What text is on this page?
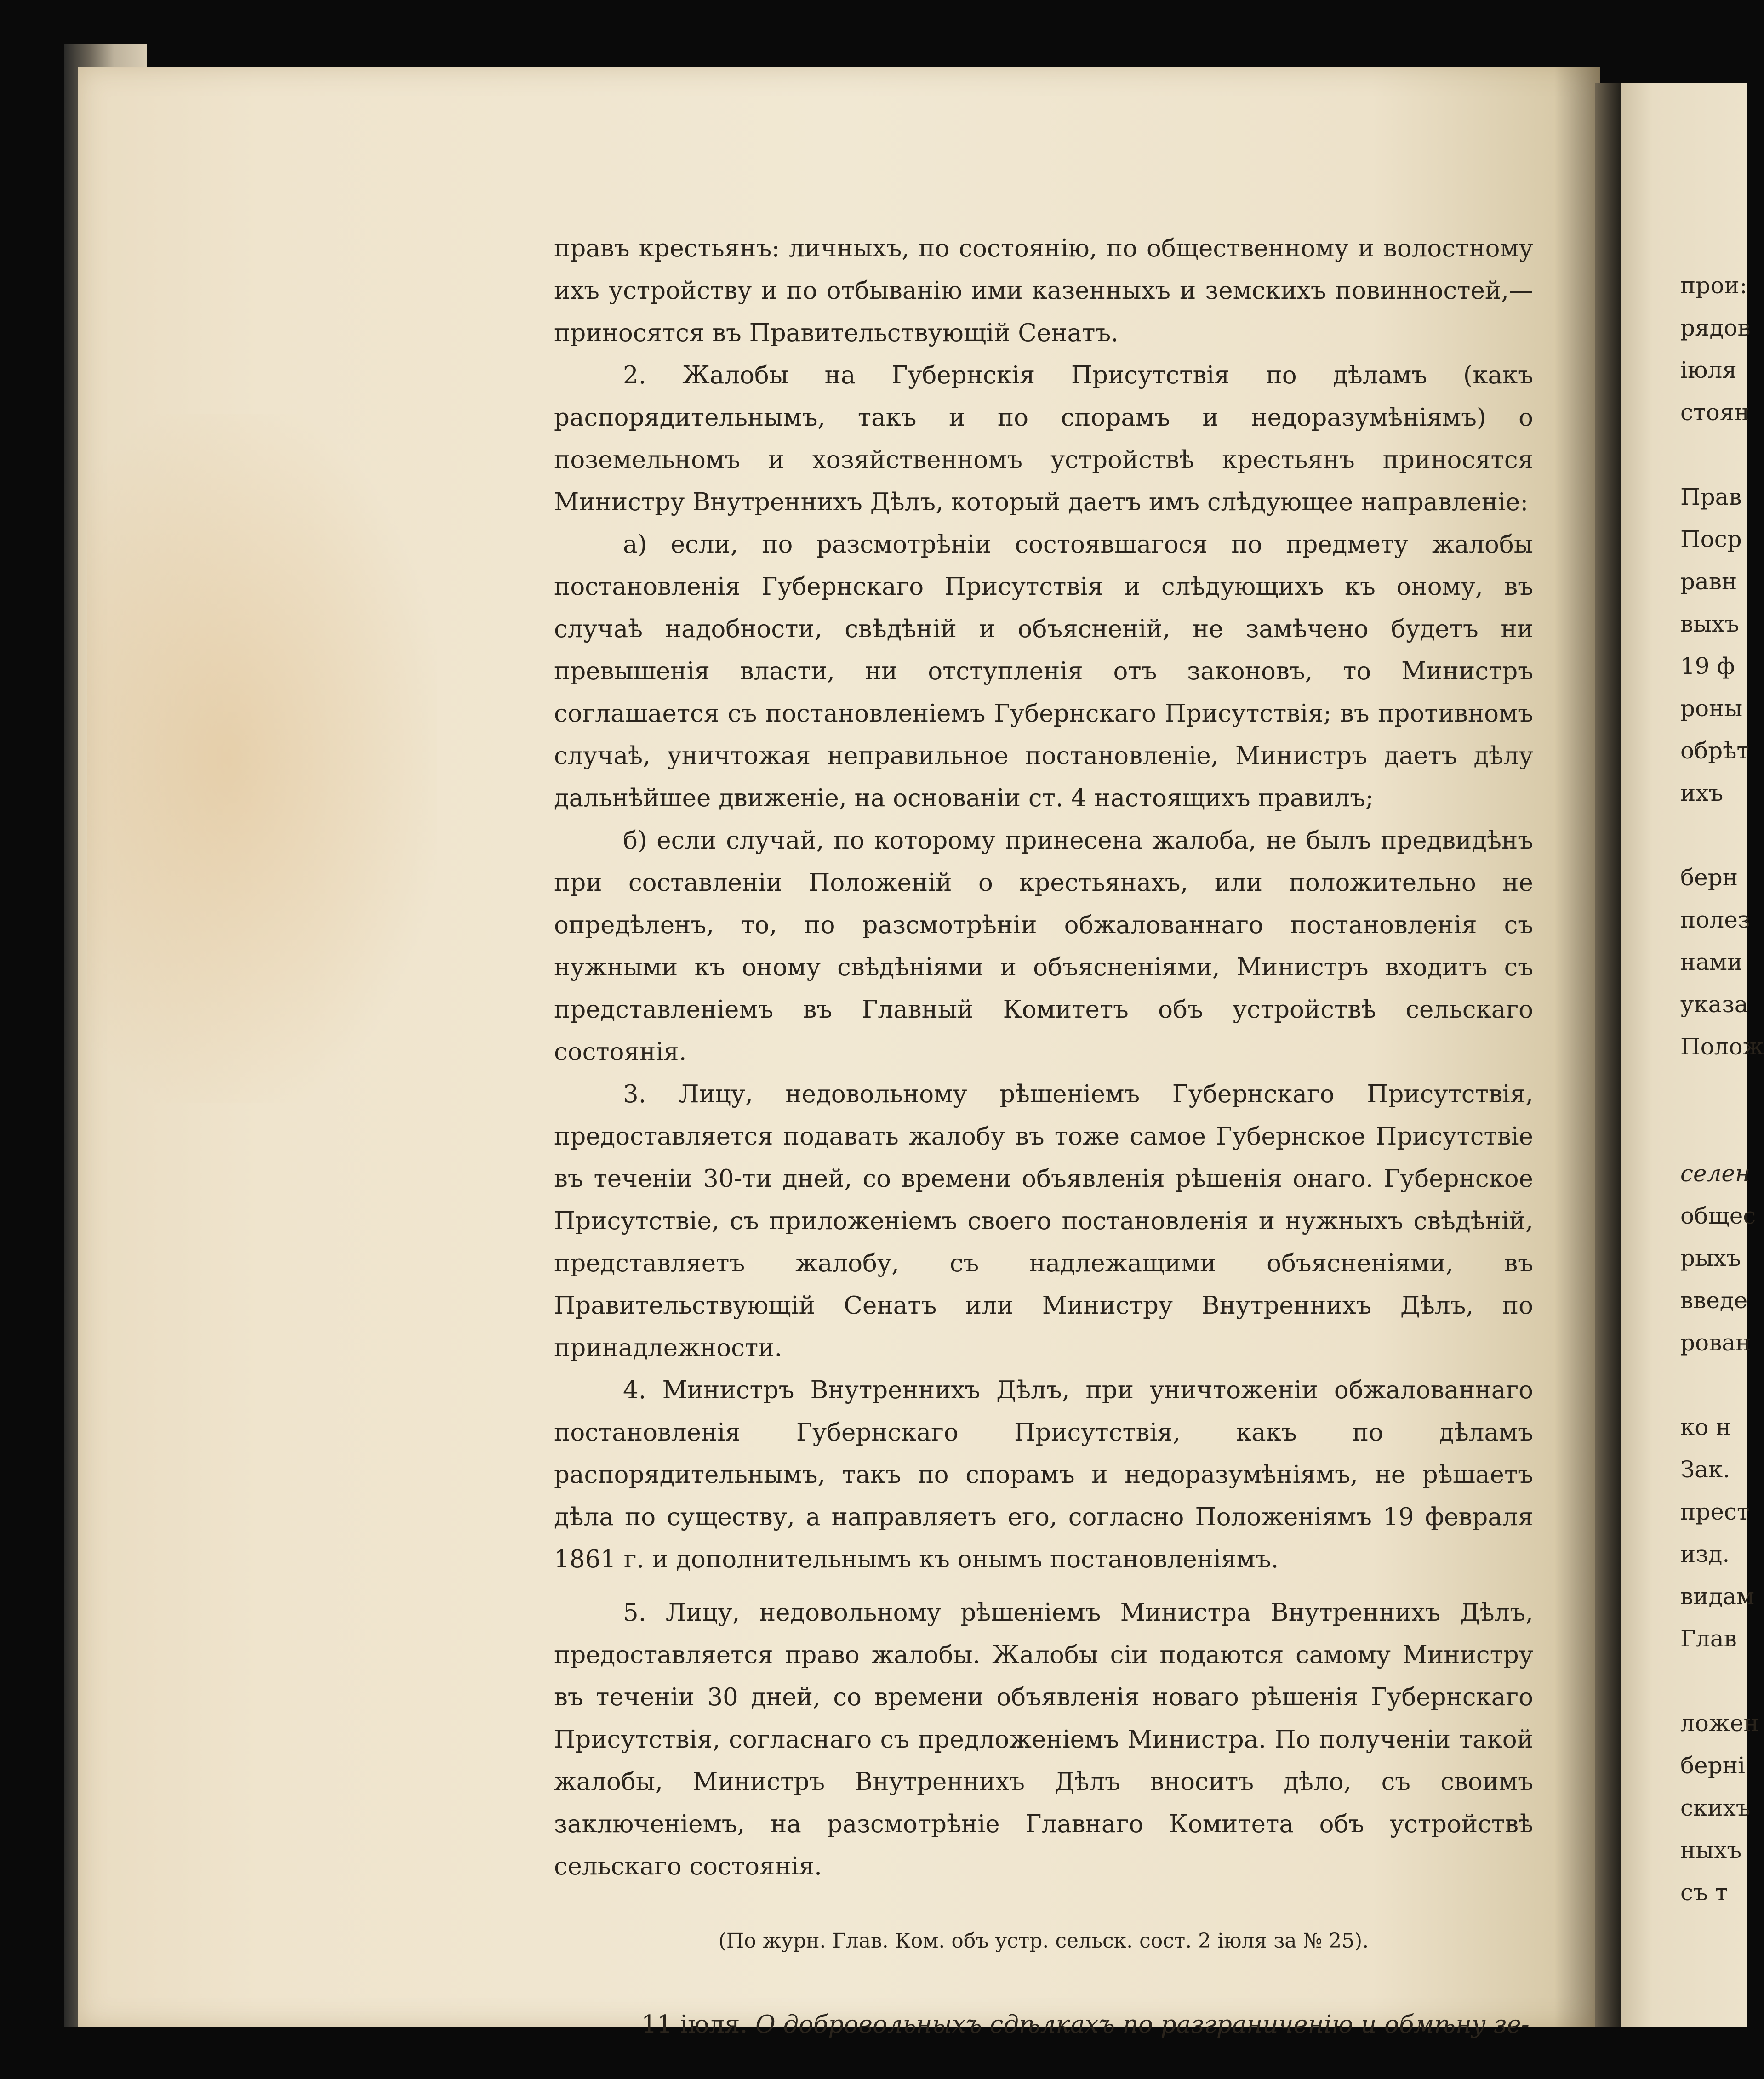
правъ крестьянъ: личныхъ, по состоянію, по общественному и волостному ихъ устройству и по отбыванію ими казенныхъ и земскихъ повинностей,— приносятся въ Правительствующій Сенатъ.

2. Жалобы на Губернскія Присутствія по дѣламъ (какъ распорядительнымъ, такъ и по спорамъ и недоразумѣніямъ) о поземельномъ и хозяйственномъ устройствѣ крестьянъ приносятся Министру Внутреннихъ Дѣлъ, который даетъ имъ слѣдующее направленіе:

а) если, по разсмотрѣніи состоявшагося по предмету жалобы постановленія Губернскаго Присутствія и слѣдующихъ къ оному, въ случаѣ надобности, свѣдѣній и объясненій, не замѣчено будетъ ни превышенія власти, ни отступленія отъ законовъ, то Министръ соглашается съ постановленіемъ Губернскаго Присутствія; въ противномъ случаѣ, уничтожая неправильное постановленіе, Министръ даетъ дѣлу дальнѣйшее движеніе, на основаніи ст. 4 настоящихъ правилъ;

б) если случай, по которому принесена жалоба, не былъ предвидѣнъ при составленіи Положеній о крестьянахъ, или положительно не опредѣленъ, то, по разсмотрѣніи обжалованнаго постановленія съ нужными къ оному свѣдѣніями и объясненіями, Министръ входитъ съ представленіемъ въ Главный Комитетъ объ устройствѣ сельскаго состоянія.

3. Лицу, недовольному рѣшеніемъ Губернскаго Присутствія, предоставляется подавать жалобу въ тоже самое Губернское Присутствіе въ теченіи 30-ти дней, со времени объявленія рѣшенія онаго. Губернское Присутствіе, съ приложеніемъ своего постановленія и нужныхъ свѣдѣній, представляетъ жалобу, съ надлежащими объясненіями, въ Правительствующій Сенатъ или Министру Внутреннихъ Дѣлъ, по принадлежности.

4. Министръ Внутреннихъ Дѣлъ, при уничтоженіи обжалованнаго постановленія Губернскаго Присутствія, какъ по дѣламъ распорядительнымъ, такъ по спорамъ и недоразумѣніямъ, не рѣшаетъ дѣла по существу, а направляетъ его, согласно Положеніямъ 19 февраля 1861 г. и дополнительнымъ къ онымъ постановленіямъ.

5. Лицу, недовольному рѣшеніемъ Министра Внутреннихъ Дѣлъ, предоставляется право жалобы. Жалобы сіи подаются самому Министру въ теченіи 30 дней, со времени объявленія новаго рѣшенія Губернскаго Присутствія, согласнаго съ предложеніемъ Министра. По полученіи такой жалобы, Министръ Внутреннихъ Дѣлъ вноситъ дѣло, съ своимъ заключеніемъ, на разсмотрѣніе Главнаго Комитета объ устройствѣ сельскаго состоянія.

(По журн. Глав. Ком. объ устр. сельск. сост. 2 іюля за № 25).

11 іюля. О добровольныхъ сдѣлкахъ по разграниченію и обмѣну зе-

прои:
рядов
іюля
стоян
Прав
Поср
равн
выхъ
19 ф
роны
обрѣт
ихъ
берн
полез
нами
указа
Полож
селен
общес
рыхъ
введе
рован
ко н
Зак.
прест
изд.
видам
Глав
ложен
берні
скихъ
ныхъ
съ т
